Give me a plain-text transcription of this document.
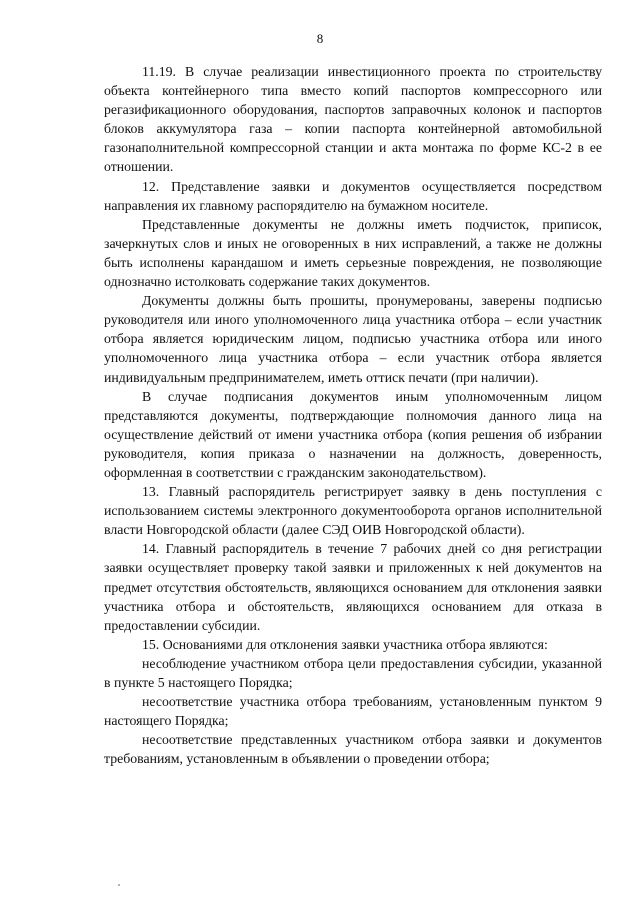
8

11.19. В случае реализации инвестиционного проекта по строительству объекта контейнерного типа вместо копий паспортов компрессорного или регазификационного оборудования, паспортов заправочных колонок и паспортов блоков аккумулятора газа – копии паспорта контейнерной автомобильной газонаполнительной компрессорной станции и акта монтажа по форме КС-2 в ее отношении.

12. Представление заявки и документов осуществляется посредством направления их главному распорядителю на бумажном носителе.

Представленные документы не должны иметь подчисток, приписок, зачеркнутых слов и иных не оговоренных в них исправлений, а также не должны быть исполнены карандашом и иметь серьезные повреждения, не позволяющие однозначно истолковать содержание таких документов.

Документы должны быть прошиты, пронумерованы, заверены подписью руководителя или иного уполномоченного лица участника отбора – если участник отбора является юридическим лицом, подписью участника отбора или иного уполномоченного лица участника отбора – если участник отбора является индивидуальным предпринимателем, иметь оттиск печати (при наличии).

В случае подписания документов иным уполномоченным лицом представляются документы, подтверждающие полномочия данного лица на осуществление действий от имени участника отбора (копия решения об избрании руководителя, копия приказа о назначении на должность, доверенность, оформленная в соответствии с гражданским законодательством).

13. Главный распорядитель регистрирует заявку в день поступления с использованием системы электронного документооборота органов исполнительной власти Новгородской области (далее СЭД ОИВ Новгородской области).

14. Главный распорядитель в течение 7 рабочих дней со дня регистрации заявки осуществляет проверку такой заявки и приложенных к ней документов на предмет отсутствия обстоятельств, являющихся основанием для отклонения заявки участника отбора и обстоятельств, являющихся основанием для отказа в предоставлении субсидии.

15. Основаниями для отклонения заявки участника отбора являются:

несоблюдение участником отбора цели предоставления субсидии, указанной в пункте 5 настоящего Порядка;

несоответствие участника отбора требованиям, установленным пунктом 9 настоящего Порядка;

несоответствие представленных участником отбора заявки и документов требованиям, установленным в объявлении о проведении отбора;
